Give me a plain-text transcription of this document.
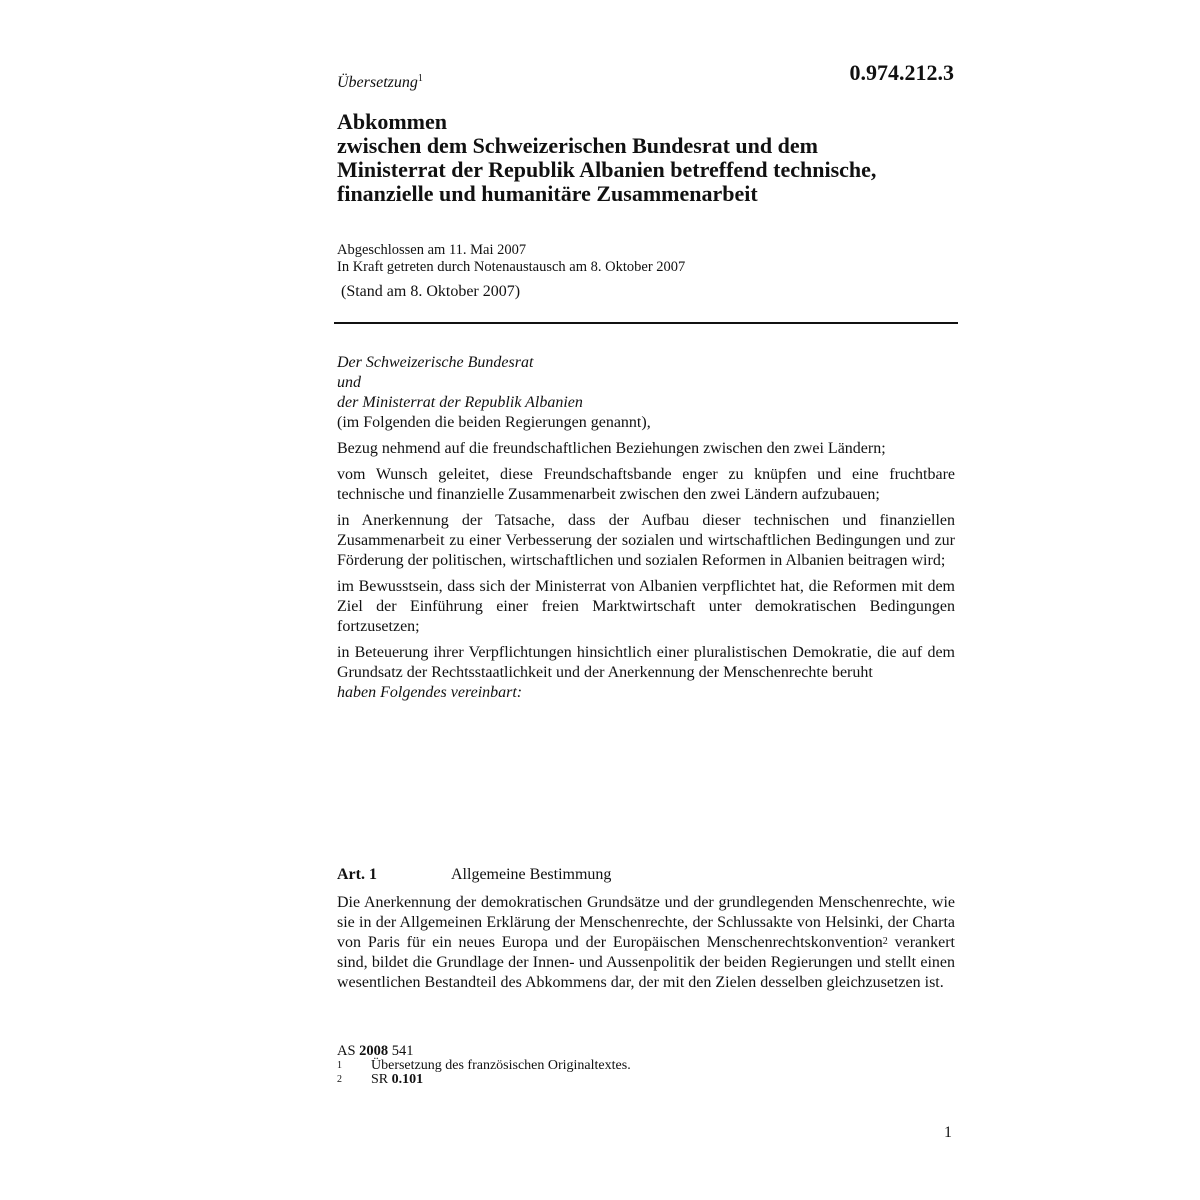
0.974.212.3
Übersetzung$^1$
Abkommen
zwischen dem Schweizerischen Bundesrat und dem
Ministerrat der Republik Albanien betreffend technische,
finanzielle und humanitäre Zusammenarbeit
Abgeschlossen am 11. Mai 2007
In Kraft getreten durch Notenaustausch am 8. Oktober 2007
(Stand am 8. Oktober 2007)
Der Schweizerische Bundesrat
und
der Ministerrat der Republik Albanien
(im Folgenden die beiden Regierungen genannt),
Bezug nehmend auf die freundschaftlichen Beziehungen zwischen den zwei Ländern;
vom Wunsch geleitet, diese Freundschaftsbande enger zu knüpfen und eine fruchtbare technische und finanzielle Zusammenarbeit zwischen den zwei Ländern aufzubauen;
in Anerkennung der Tatsache, dass der Aufbau dieser technischen und finanziellen Zusammenarbeit zu einer Verbesserung der sozialen und wirtschaftlichen Bedingungen und zur Förderung der politischen, wirtschaftlichen und sozialen Reformen in Albanien beitragen wird;
im Bewusstsein, dass sich der Ministerrat von Albanien verpflichtet hat, die Reformen mit dem Ziel der Einführung einer freien Marktwirtschaft unter demokratischen Bedingungen fortzusetzen;
in Beteuerung ihrer Verpflichtungen hinsichtlich einer pluralistischen Demokratie, die auf dem Grundsatz der Rechtsstaatlichkeit und der Anerkennung der Menschenrechte beruht
haben Folgendes vereinbart:
Art. 1	Allgemeine Bestimmung
Die Anerkennung der demokratischen Grundsätze und der grundlegenden Menschenrechte, wie sie in der Allgemeinen Erklärung der Menschenrechte, der Schlussakte von Helsinki, der Charta von Paris für ein neues Europa und der Europäischen Menschenrechtskonvention$^2$ verankert sind, bildet die Grundlage der Innen- und Aussenpolitik der beiden Regierungen und stellt einen wesentlichen Bestandteil des Abkommens dar, der mit den Zielen desselben gleichzusetzen ist.
AS 2008 541
1	Übersetzung des französischen Originaltextes.
2	SR 0.101
1
